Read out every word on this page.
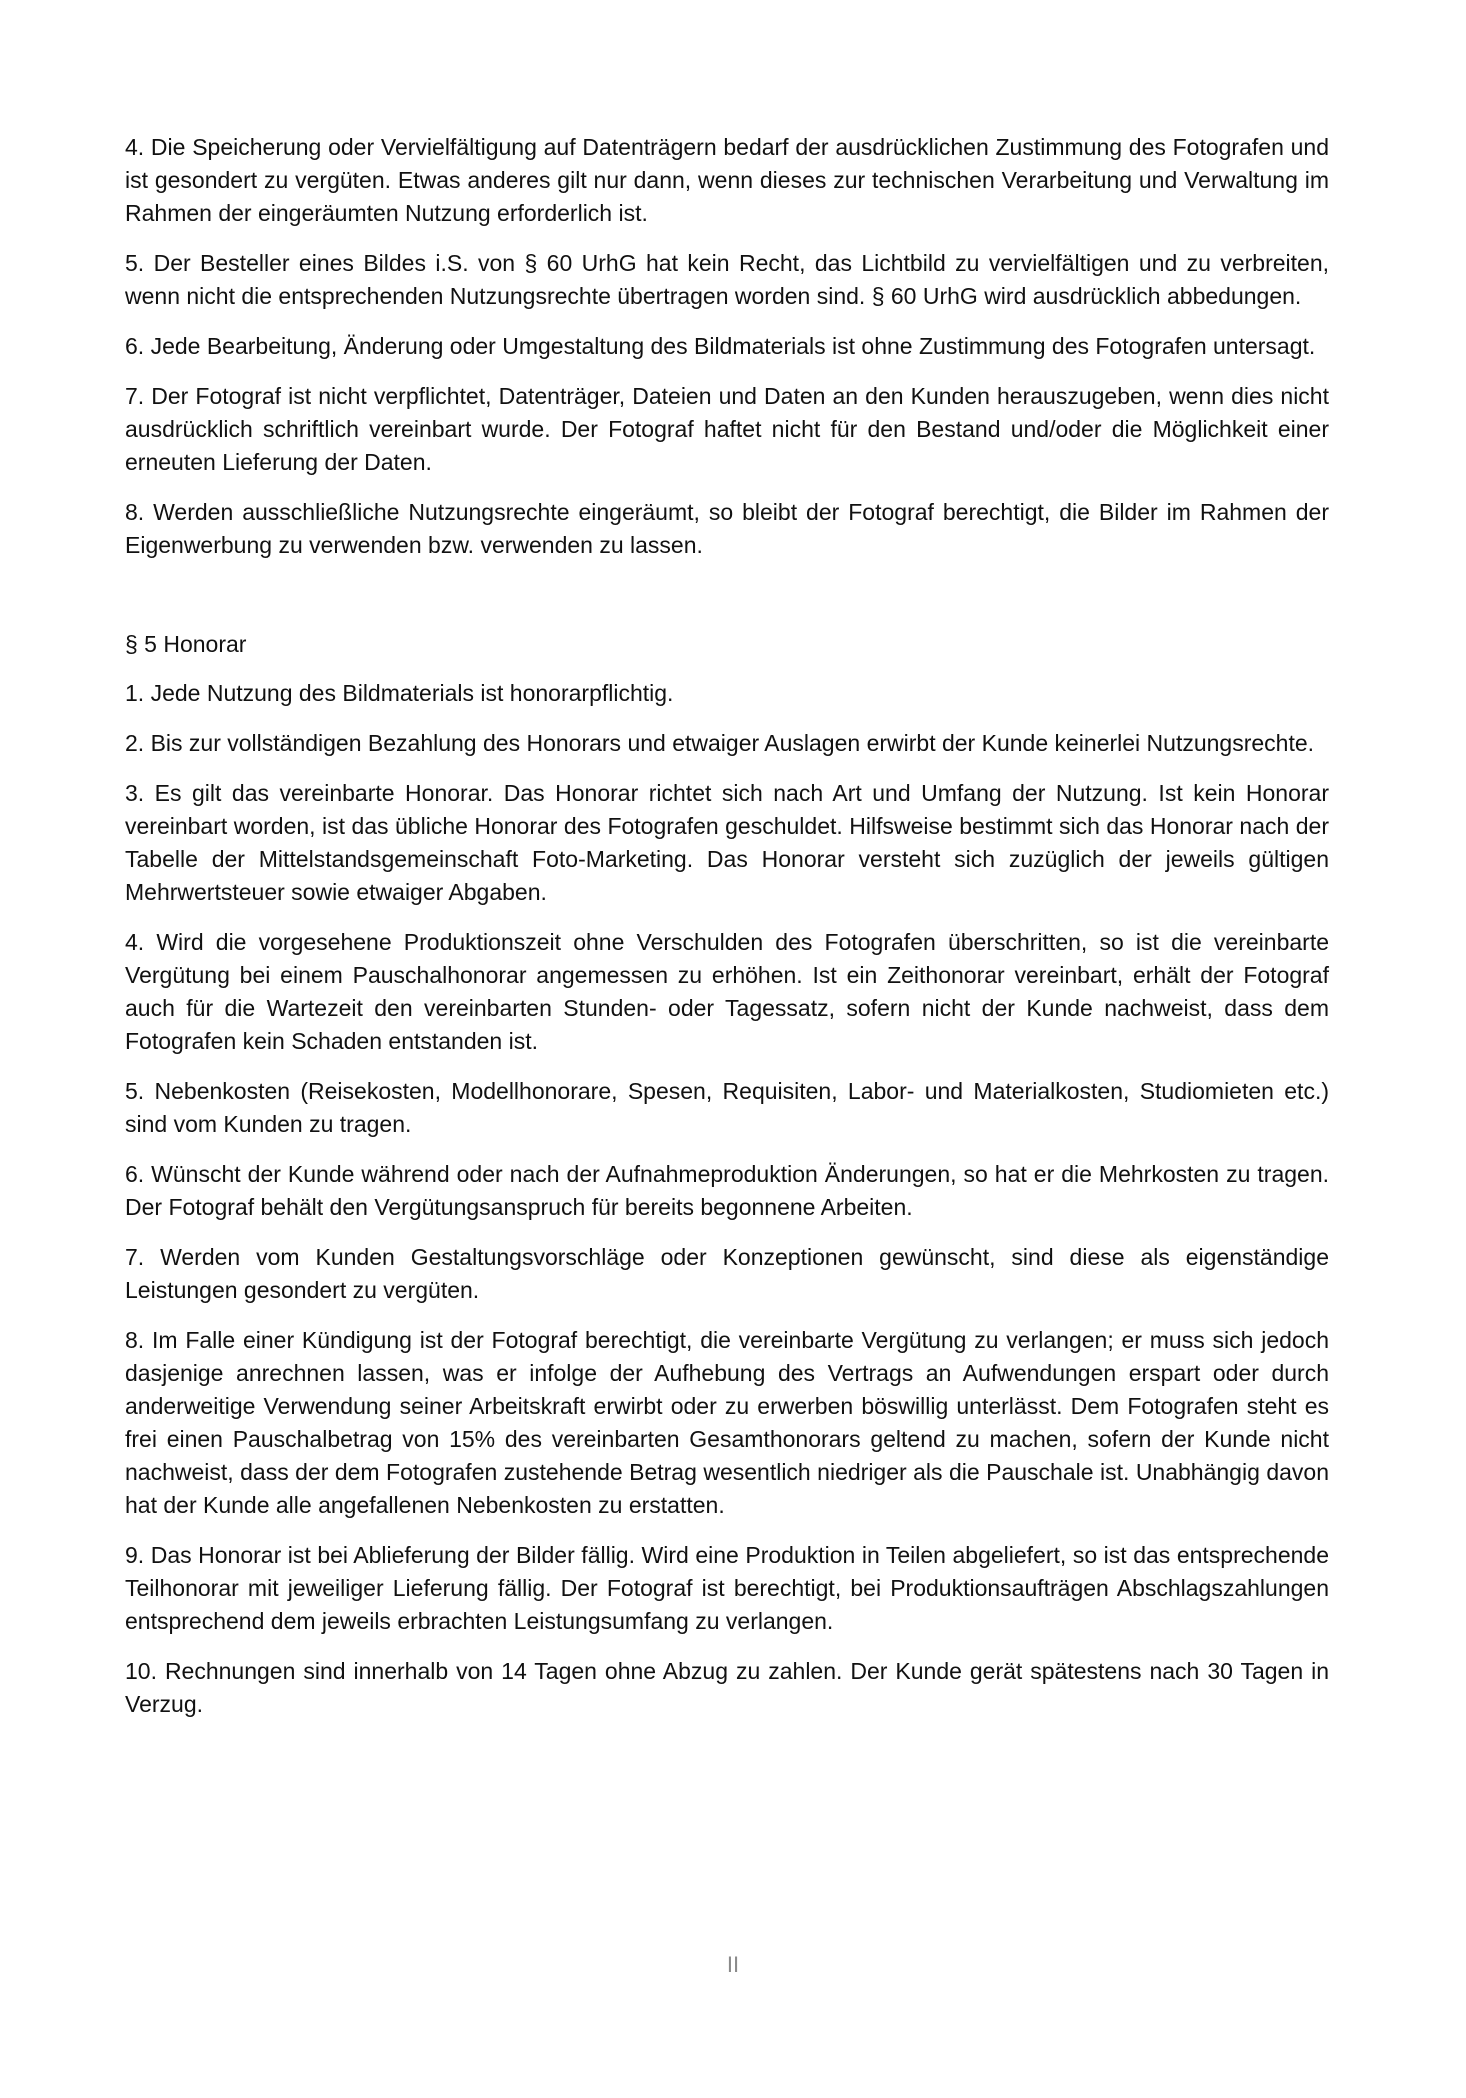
4. Die Speicherung oder Vervielfältigung auf Datenträgern bedarf der ausdrücklichen Zustimmung des Fotografen und ist gesondert zu vergüten. Etwas anderes gilt nur dann, wenn dieses zur technischen Verarbeitung und Verwaltung im Rahmen der eingeräumten Nutzung erforderlich ist.

5. Der Besteller eines Bildes i.S. von § 60 UrhG hat kein Recht, das Lichtbild zu vervielfältigen und zu verbreiten, wenn nicht die entsprechenden Nutzungsrechte übertragen worden sind. § 60 UrhG wird ausdrücklich abbedungen.

6. Jede Bearbeitung, Änderung oder Umgestaltung des Bildmaterials ist ohne Zustimmung des Fotografen untersagt.

7. Der Fotograf ist nicht verpflichtet, Datenträger, Dateien und Daten an den Kunden herauszugeben, wenn dies nicht ausdrücklich schriftlich vereinbart wurde. Der Fotograf haftet nicht für den Bestand und/oder die Möglichkeit einer erneuten Lieferung der Daten.

8. Werden ausschließliche Nutzungsrechte eingeräumt, so bleibt der Fotograf berechtigt, die Bilder im Rahmen der Eigenwerbung zu verwenden bzw. verwenden zu lassen.

§ 5 Honorar

1. Jede Nutzung des Bildmaterials ist honorarpflichtig.

2. Bis zur vollständigen Bezahlung des Honorars und etwaiger Auslagen erwirbt der Kunde keinerlei Nutzungsrechte.

3. Es gilt das vereinbarte Honorar. Das Honorar richtet sich nach Art und Umfang der Nutzung. Ist kein Honorar vereinbart worden, ist das übliche Honorar des Fotografen geschuldet. Hilfsweise bestimmt sich das Honorar nach der Tabelle der Mittelstandsgemeinschaft Foto-Marketing. Das Honorar versteht sich zuzüglich der jeweils gültigen Mehrwertsteuer sowie etwaiger Abgaben.

4. Wird die vorgesehene Produktionszeit ohne Verschulden des Fotografen überschritten, so ist die vereinbarte Vergütung bei einem Pauschalhonorar angemessen zu erhöhen. Ist ein Zeithonorar vereinbart, erhält der Fotograf auch für die Wartezeit den vereinbarten Stunden- oder Tagessatz, sofern nicht der Kunde nachweist, dass dem Fotografen kein Schaden entstanden ist.

5. Nebenkosten (Reisekosten, Modellhonorare, Spesen, Requisiten, Labor- und Materialkosten, Studiomieten etc.) sind vom Kunden zu tragen.

6. Wünscht der Kunde während oder nach der Aufnahmeproduktion Änderungen, so hat er die Mehrkosten zu tragen. Der Fotograf behält den Vergütungsanspruch für bereits begonnene Arbeiten.

7. Werden vom Kunden Gestaltungsvorschläge oder Konzeptionen gewünscht, sind diese als eigenständige Leistungen gesondert zu vergüten.

8. Im Falle einer Kündigung ist der Fotograf berechtigt, die vereinbarte Vergütung zu verlangen; er muss sich jedoch dasjenige anrechnen lassen, was er infolge der Aufhebung des Vertrags an Aufwendungen erspart oder durch anderweitige Verwendung seiner Arbeitskraft erwirbt oder zu erwerben böswillig unterlässt. Dem Fotografen steht es frei einen Pauschalbetrag von 15% des vereinbarten Gesamthonorars geltend zu machen, sofern der Kunde nicht nachweist, dass der dem Fotografen zustehende Betrag wesentlich niedriger als die Pauschale ist. Unabhängig davon hat der Kunde alle angefallenen Nebenkosten zu erstatten.

9. Das Honorar ist bei Ablieferung der Bilder fällig. Wird eine Produktion in Teilen abgeliefert, so ist das entsprechende Teilhonorar mit jeweiliger Lieferung fällig. Der Fotograf ist berechtigt, bei Produktionsaufträgen Abschlagszahlungen entsprechend dem jeweils erbrachten Leistungsumfang zu verlangen.

10. Rechnungen sind innerhalb von 14 Tagen ohne Abzug zu zahlen. Der Kunde gerät spätestens nach 30 Tagen in Verzug.

II
